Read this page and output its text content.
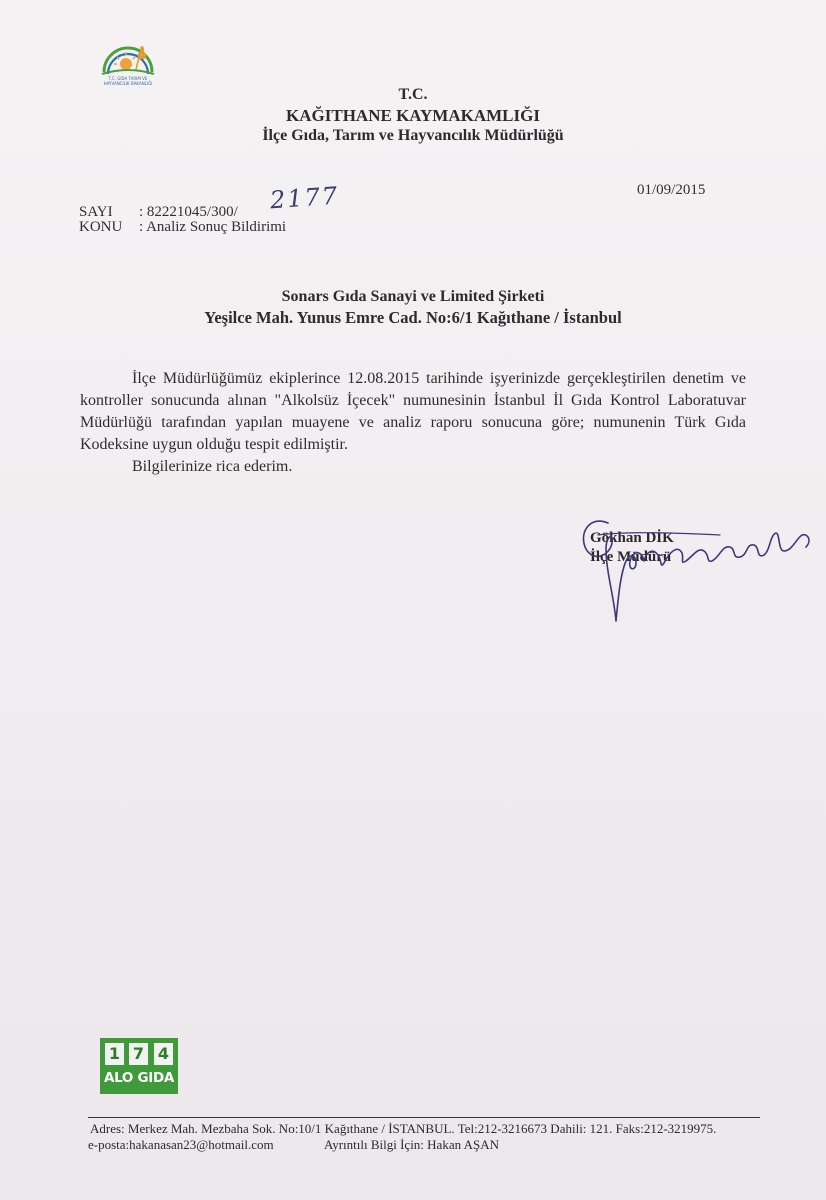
T.C. GIDA TARIM VE HAYVANCILIK BAKANLIĞI
T.C.
KAĞITHANE KAYMAKAMLIĞI
İlçe Gıda, Tarım ve Hayvancılık Müdürlüğü
SAYI : 82221045/300/ 2177
KONU : Analiz Sonuç Bildirimi
01/09/2015
Sonars Gıda Sanayi ve Limited Şirketi
Yeşilce Mah. Yunus Emre Cad. No:6/1 Kağıthane / İstanbul

İlçe Müdürlüğümüz ekiplerince 12.08.2015 tarihinde işyerinizde gerçekleştirilen denetim ve kontroller sonucunda alınan "Alkolsüz İçecek" numunesinin İstanbul İl Gıda Kontrol Laboratuvar Müdürlüğü tarafından yapılan muayene ve analiz raporu sonucuna göre; numunenin Türk Gıda Kodeksine uygun olduğu tespit edilmiştir.

Bilgilerinize rica ederim.
Gökhan DİK
İlçe Müdürü
1 7 4
ALO GIDA
Adres: Merkez Mah. Mezbaha Sok. No:10/1 Kağıthane / İSTANBUL. Tel:212-3216673 Dahili: 121. Faks:212-3219975.
e-posta:hakanasan23@hotmail.com	Ayrıntılı Bilgi İçin: Hakan AŞAN
